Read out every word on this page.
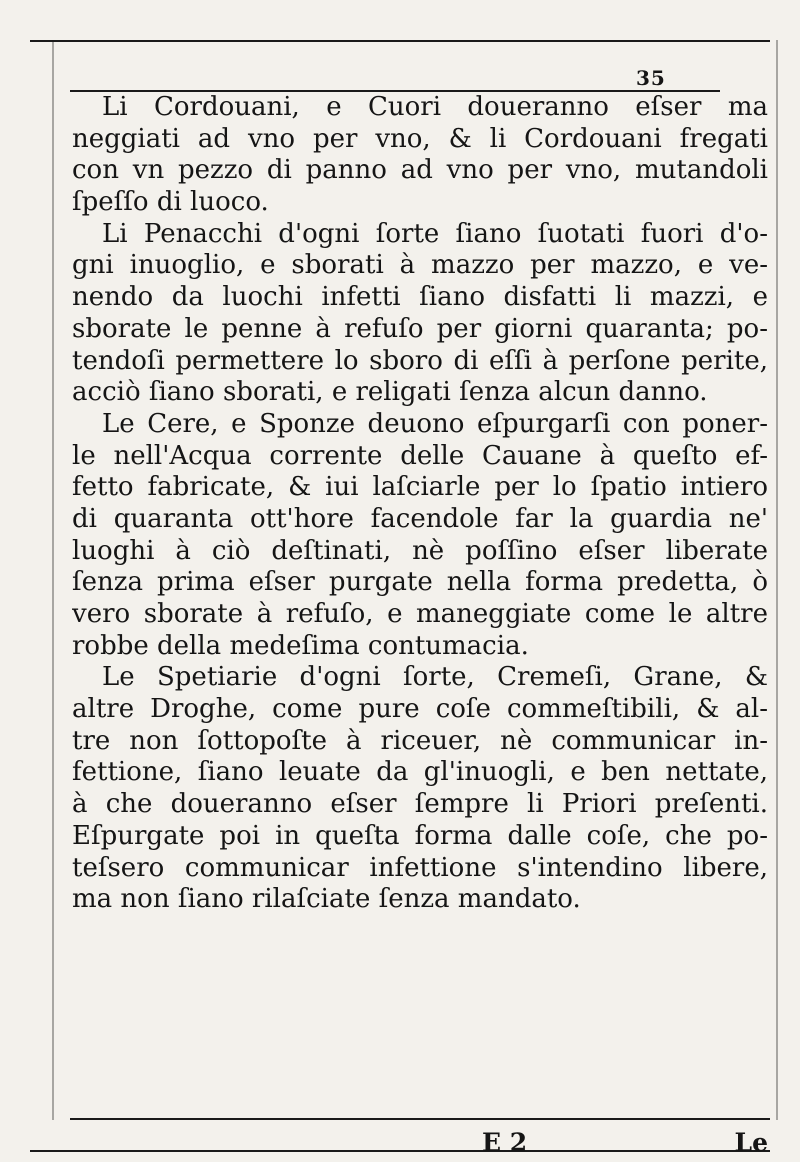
35
Li Cordouani, e Cuori doueranno eſser ma
neggiati ad vno per vno, & li Cordouani fregati
con vn pezzo di panno ad vno per vno, mutandoli
ſpeſſo di luoco.
Li Penacchi d'ogni ſorte ſiano ſuotati fuori d'o-
gni inuoglio, e sborati à mazzo per mazzo, e ve-
nendo da luochi infetti ſiano disfatti li mazzi, e
sborate le penne à refuſo per giorni quaranta; po-
tendoſi permettere lo sboro di eſſi à perſone perite,
acciò ſiano sborati, e religati ſenza alcun danno.
Le Cere, e Sponze deuono eſpurgarſi con poner-
le nell'Acqua corrente delle Cauane à queſto ef-
fetto fabricate, & iui laſciarle per lo ſpatio intiero
di quaranta ott'hore facendole far la guardia ne'
luoghi à ciò deſtinati, nè poſſino eſser liberate
ſenza prima eſser purgate nella forma predetta, ò
vero sborate à refuſo, e maneggiate come le altre
robbe della medeſima contumacia.
Le Spetiarie d'ogni ſorte, Cremeſi, Grane, &
altre Droghe, come pure coſe commeſtibili, & al-
tre non ſottopoſte à riceuer, nè communicar in-
fettione, ſiano leuate da gl'inuogli, e ben nettate,
à che doueranno eſser ſempre li Priori preſenti.
Eſpurgate poi in queſta forma dalle coſe, che po-
teſsero communicar infettione s'intendino libere,
ma non ſiano rilaſciate ſenza mandato.
E 2	Le
